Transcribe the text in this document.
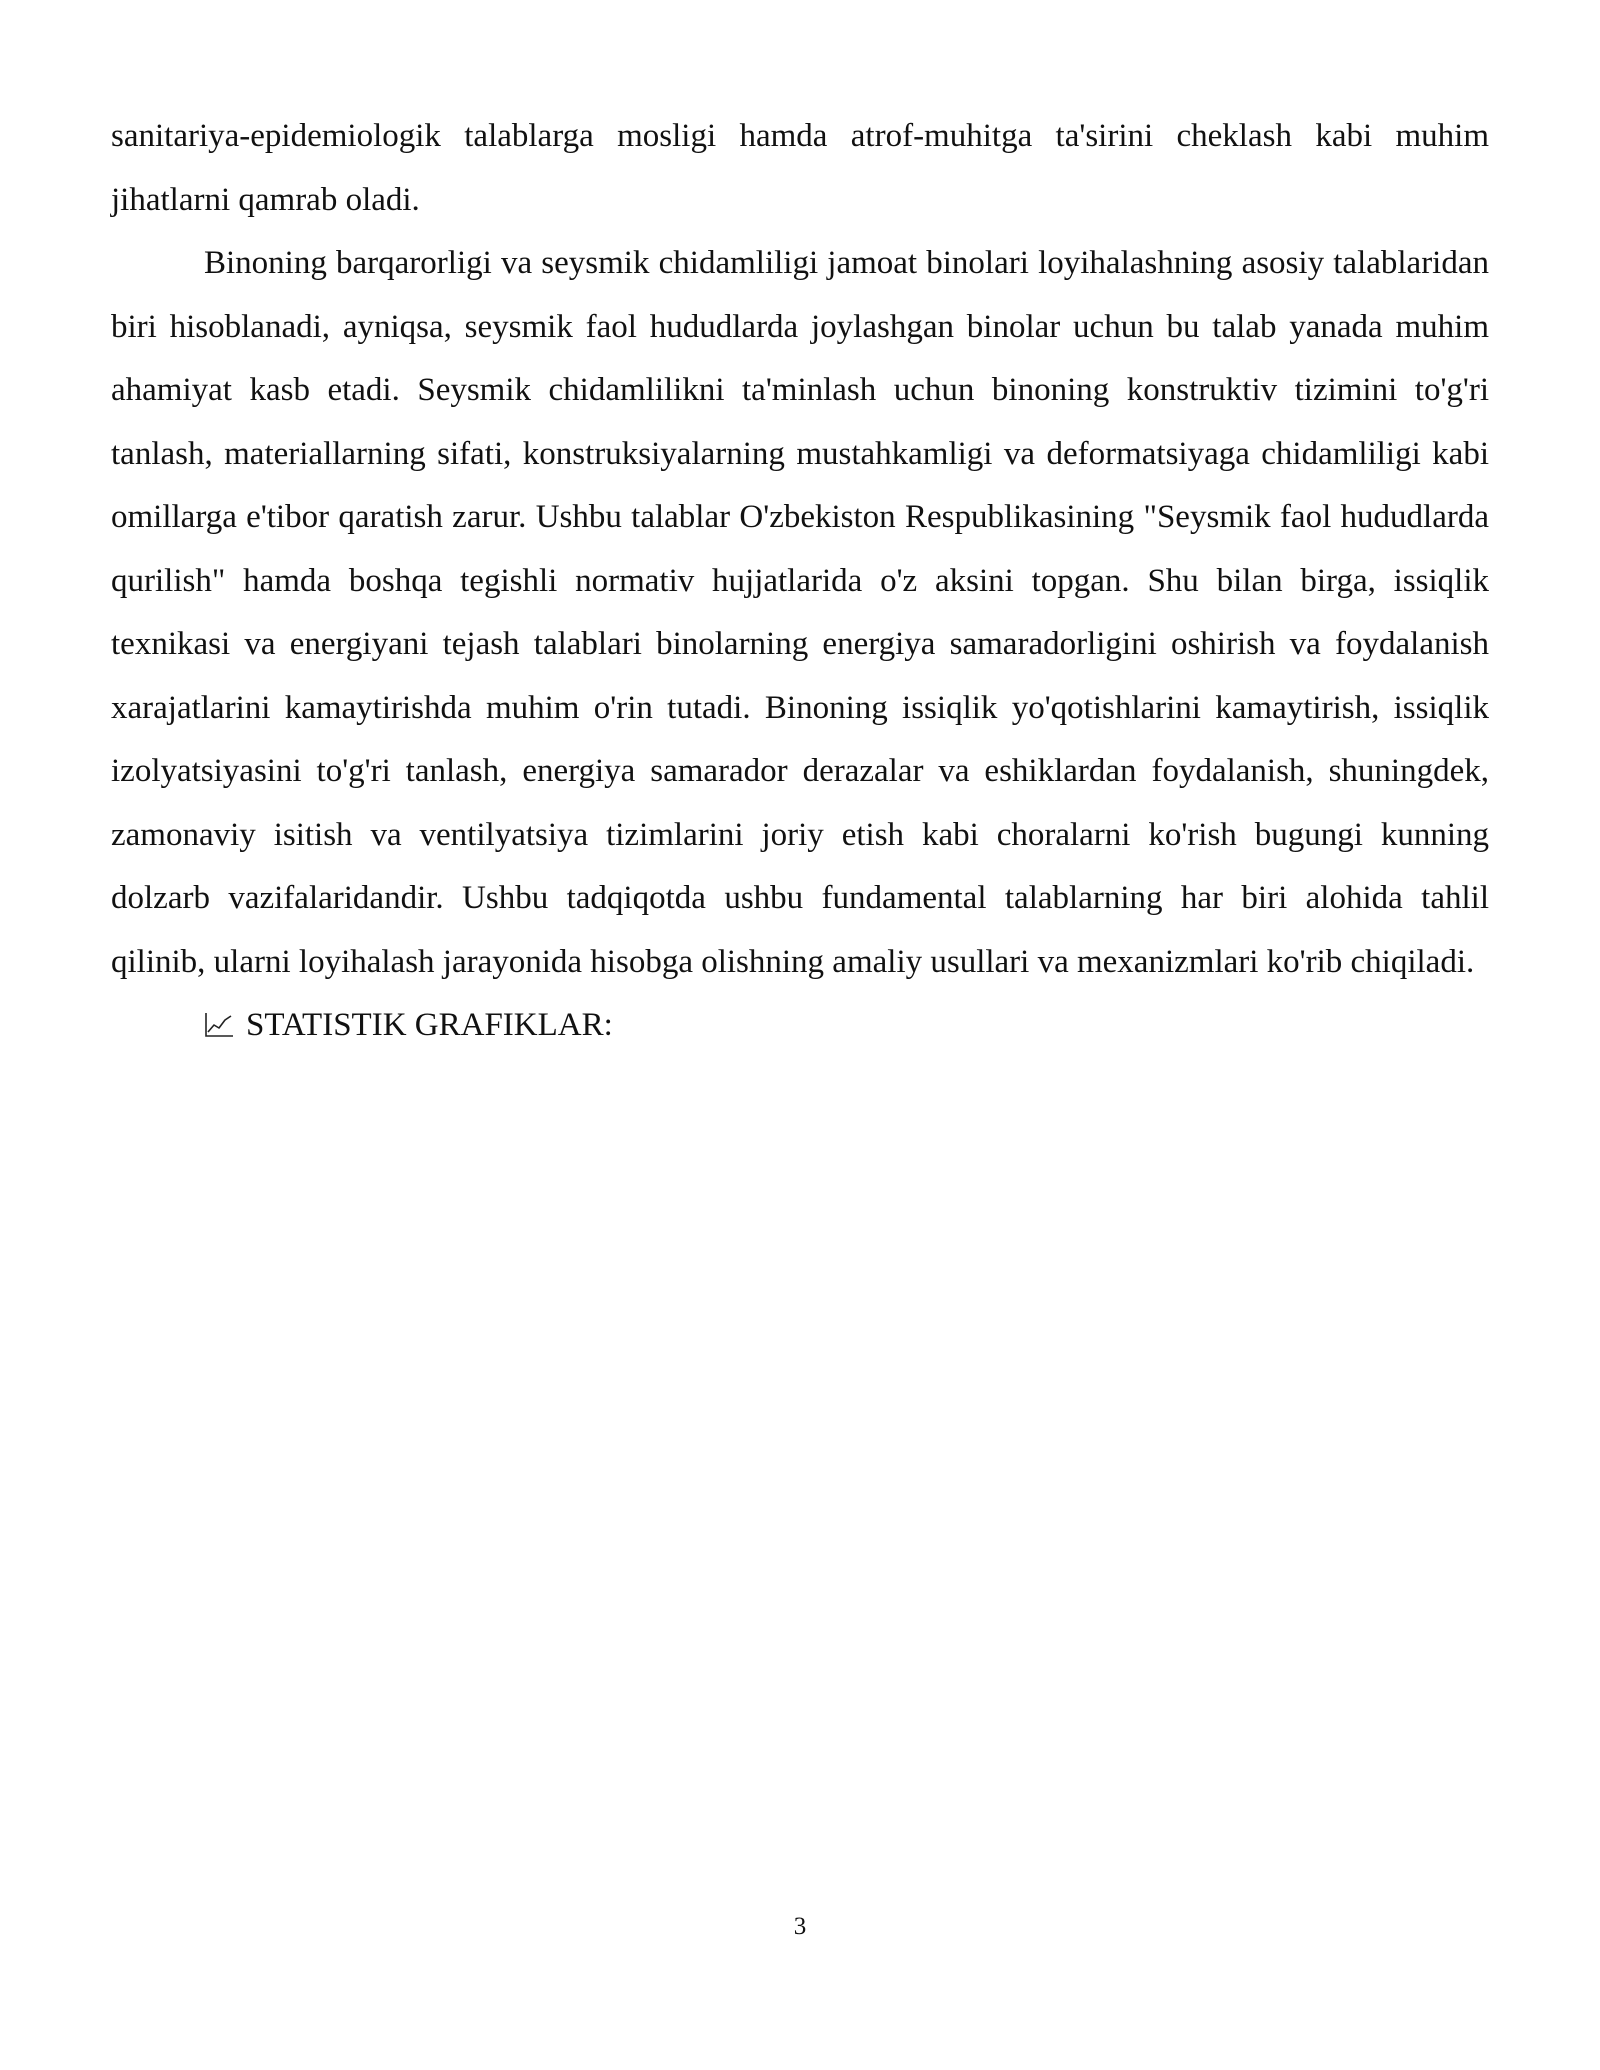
sanitariya-epidemiologik talablarga mosligi hamda atrof-muhitga ta'sirini cheklash kabi muhim jihatlarni qamrab oladi.

Binoning barqarorligi va seysmik chidamliligi jamoat binolari loyihalashning asosiy talablaridan biri hisoblanadi, ayniqsa, seysmik faol hududlarda joylashgan binolar uchun bu talab yanada muhim ahamiyat kasb etadi. Seysmik chidamlilikni ta'minlash uchun binoning konstruktiv tizimini to'g'ri tanlash, materiallarning sifati, konstruksiyalarning mustahkamligi va deformatsiyaga chidamliligi kabi omillarga e'tibor qaratish zarur. Ushbu talablar O'zbekiston Respublikasining "Seysmik faol hududlarda qurilish" hamda boshqa tegishli normativ hujjatlarida o'z aksini topgan. Shu bilan birga, issiqlik texnikasi va energiyani tejash talablari binolarning energiya samaradorligini oshirish va foydalanish xarajatlarini kamaytirishda muhim o'rin tutadi. Binoning issiqlik yo'qotishlarini kamaytirish, issiqlik izolyatsiyasini to'g'ri tanlash, energiya samarador derazalar va eshiklardan foydalanish, shuningdek, zamonaviy isitish va ventilyatsiya tizimlarini joriy etish kabi choralarni ko'rish bugungi kunning dolzarb vazifalaridandir. Ushbu tadqiqotda ushbu fundamental talablarning har biri alohida tahlil qilinib, ularni loyihalash jarayonida hisobga olishning amaliy usullari va mexanizmlari ko'rib chiqiladi.

STATISTIK GRAFIKLAR:
3
